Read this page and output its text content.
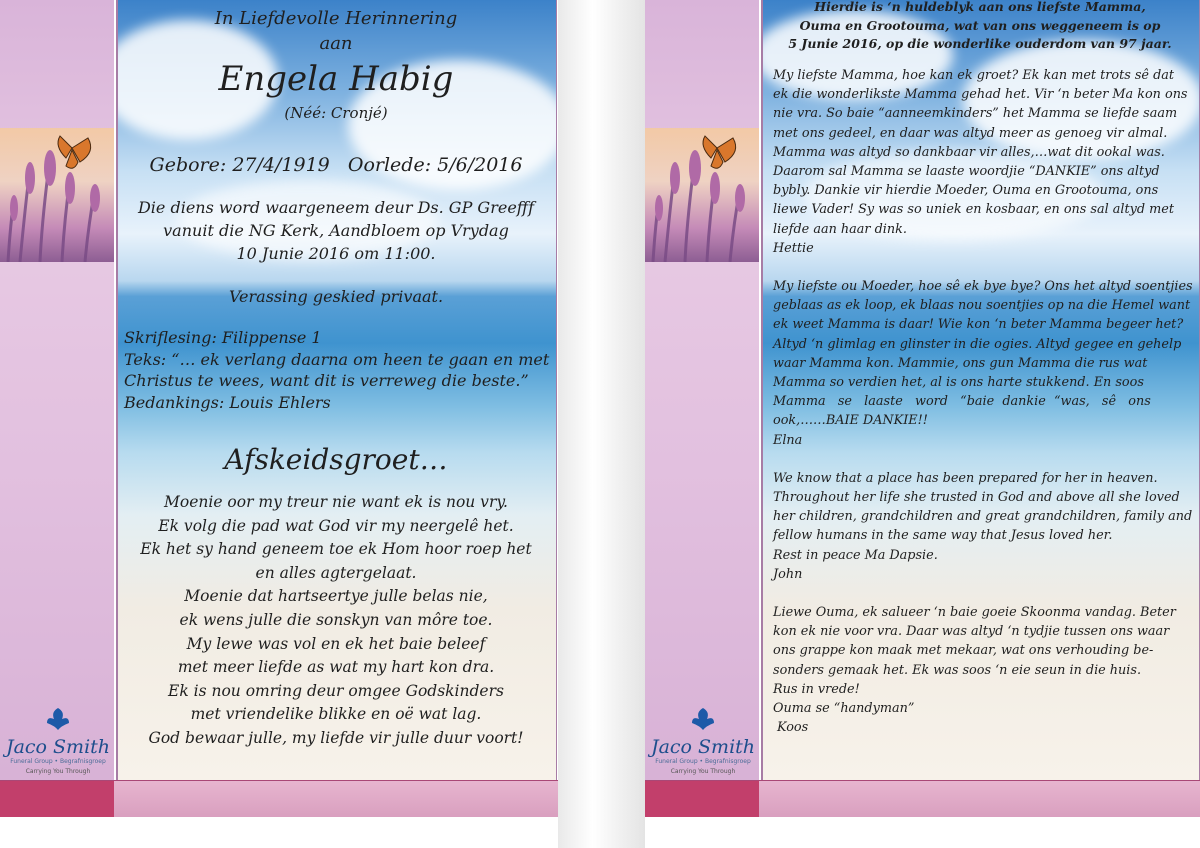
Jaco Smith
Funeral Group • Begrafnisgroep
Carrying You Through
In Liefdevolle Herinnering
aan
Engela Habig
(Néé: Cronjé)
Gebore: 27/4/1919   Oorlede: 5/6/2016
Die diens word waargeneem deur Ds. GP Greefff
vanuit die NG Kerk, Aandbloem op Vrydag
10 Junie 2016 om 11:00.
Verassing geskied privaat.
Skriflesing: Filippense 1
Teks: “… ek verlang daarna om heen te gaan en met
Christus te wees, want dit is verreweg die beste.”
Bedankings: Louis Ehlers
Afskeidsgroet…
Moenie oor my treur nie want ek is nou vry.
Ek volg die pad wat God vir my neergelê het.
Ek het sy hand geneem toe ek Hom hoor roep het
en alles agtergelaat.
Moenie dat hartseertye julle belas nie,
ek wens julle die sonskyn van môre toe.
My lewe was vol en ek het baie beleef
met meer liefde as wat my hart kon dra.
Ek is nou omring deur omgee Godskinders
met vriendelike blikke en oë wat lag.
God bewaar julle, my liefde vir julle duur voort!	Jaco Smith
Funeral Group • Begrafnisgroep
Carrying You Through
Hierdie is ‘n huldeblyk aan ons liefste Mamma,
Ouma en Grootouma, wat van ons weggeneem is op
5 Junie 2016, op die wonderlike ouderdom van 97 jaar.
My liefste Mamma, hoe kan ek groet? Ek kan met trots sê dat
ek die wonderlikste Mamma gehad het. Vir ‘n beter Ma kon ons
nie vra. So baie “aanneemkinders” het Mamma se liefde saam
met ons gedeel, en daar was altyd meer as genoeg vir almal.
Mamma was altyd so dankbaar vir alles,…wat dit ookal was.
Daarom sal Mamma se laaste woordjie “DANKIE” ons altyd
bybly. Dankie vir hierdie Moeder, Ouma en Grootouma, ons
liewe Vader! Sy was so uniek en kosbaar, en ons sal altyd met
liefde aan haar dink.
Hettie
My liefste ou Moeder, hoe sê ek bye bye? Ons het altyd soentjies
geblaas as ek loop, ek blaas nou soentjies op na die Hemel want
ek weet Mamma is daar! Wie kon ‘n beter Mamma begeer het?
Altyd ‘n glimlag en glinster in die ogies. Altyd gegee en gehelp
waar Mamma kon. Mammie, ons gun Mamma die rus wat
Mamma so verdien het, al is ons harte stukkend. En soos
Mamma   se   laaste   word   “baie  dankie  “was,   sê   ons
ook,……BAIE DANKIE!!
Elna
We know that a place has been prepared for her in heaven.
Throughout her life she trusted in God and above all she loved
her children, grandchildren and great grandchildren, family and
fellow humans in the same way that Jesus loved her.
Rest in peace Ma Dapsie.
John
Liewe Ouma, ek salueer ‘n baie goeie Skoonma vandag. Beter
kon ek nie voor vra. Daar was altyd ‘n tydjie tussen ons waar
ons grappe kon maak met mekaar, wat ons verhouding be-
sonders gemaak het. Ek was soos ‘n eie seun in die huis.
Rus in vrede!
Ouma se “handyman”
Koos
